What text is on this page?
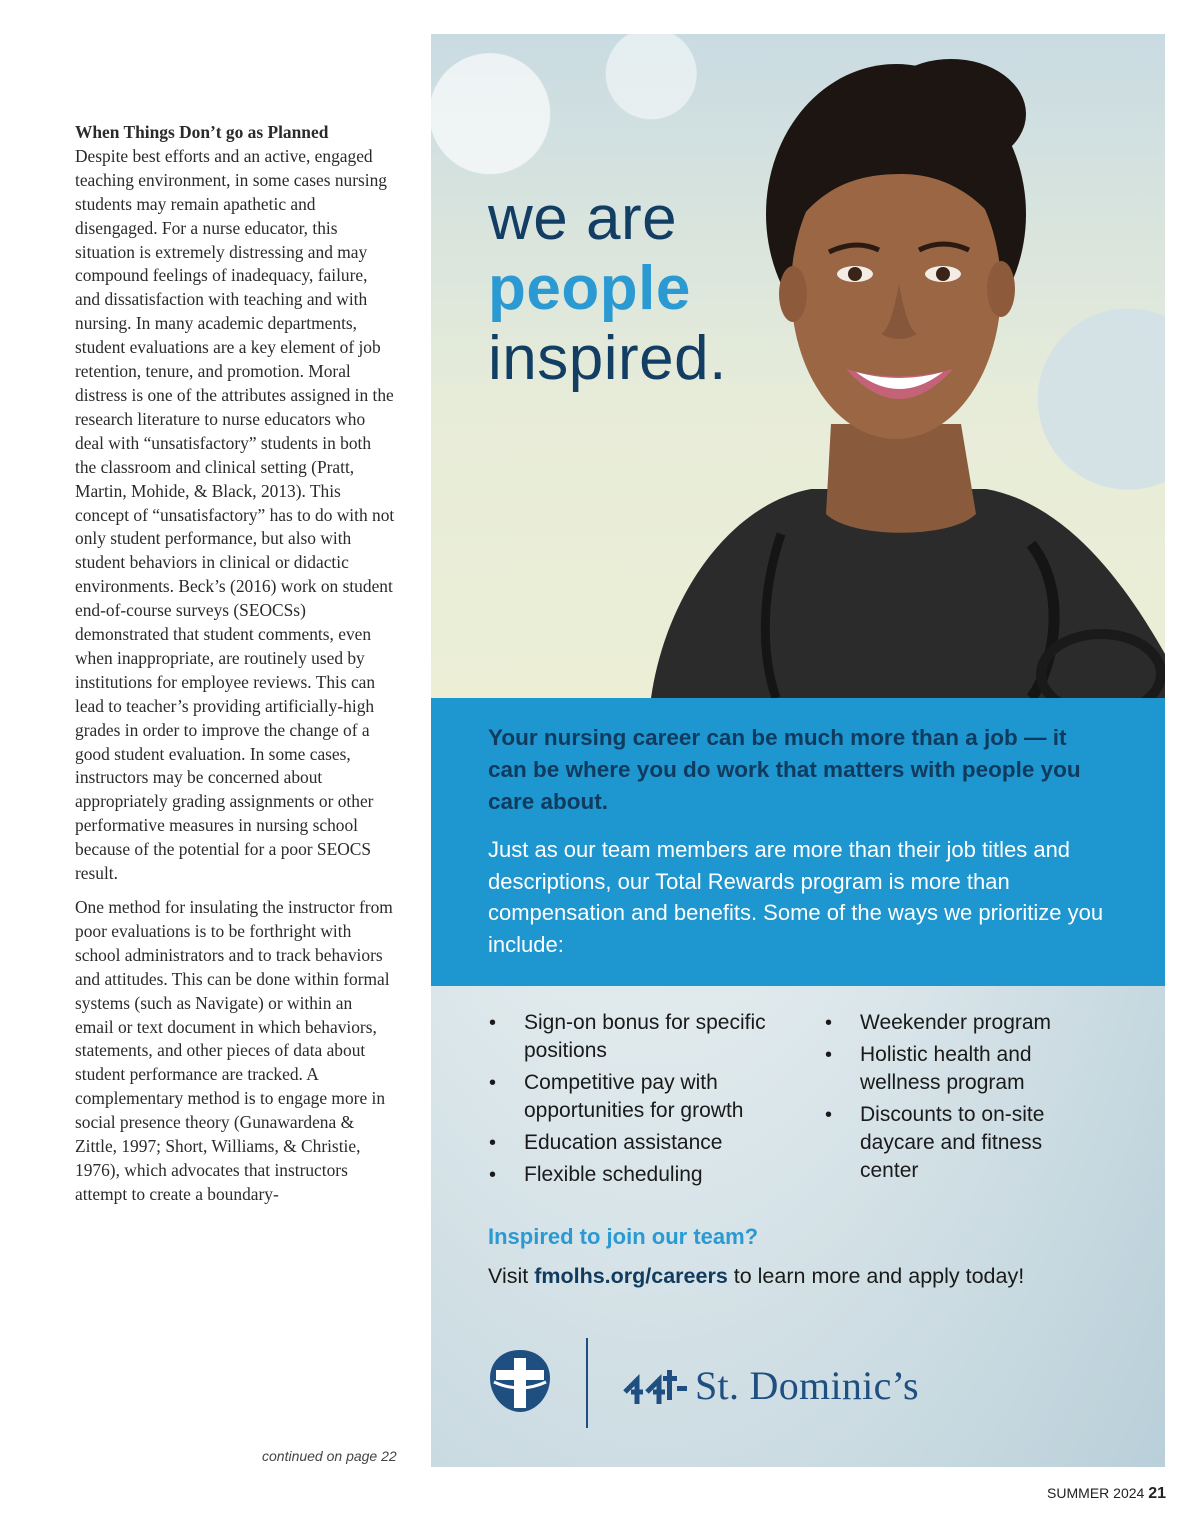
When Things Don’t go as Planned

Despite best efforts and an active, engaged teaching environment, in some cases nursing students may remain apathetic and disengaged. For a nurse educator, this situation is extremely distressing and may compound feelings of inadequacy, failure, and dissatisfaction with teaching and with nursing. In many academic departments, student evaluations are a key element of job retention, tenure, and promotion. Moral distress is one of the attributes assigned in the research literature to nurse educators who deal with “unsatisfactory” students in both the classroom and clinical setting (Pratt, Martin, Mohide, & Black, 2013). This concept of “unsatisfactory” has to do with not only student performance, but also with student behaviors in clinical or didactic environments. Beck’s (2016) work on student end-of-course surveys (SEOCSs) demonstrated that student comments, even when inappropriate, are routinely used by institutions for employee reviews. This can lead to teacher’s providing artificially-high grades in order to improve the change of a good student evaluation. In some cases, instructors may be concerned about appropriately grading assignments or other performative measures in nursing school because of the potential for a poor SEOCS result.

One method for insulating the instructor from poor evaluations is to be forthright with school administrators and to track behaviors and attitudes. This can be done within formal systems (such as Navigate) or within an email or text document in which behaviors, statements, and other pieces of data about student performance are tracked. A complementary method is to engage more in social presence theory (Gunawardena & Zittle, 1997; Short, Williams, & Christie, 1976), which advocates that instructors attempt to create a boundary-

continued on page 22
SUMMER 2024 21
we are
people
inspired.
Your nursing career can be much more than a job — it can be where you do work that matters with people you care about.
Just as our team members are more than their job titles and descriptions, our Total Rewards program is more than compensation and benefits. Some of the ways we prioritize you include:
• Sign-on bonus for specific positions
• Competitive pay with opportunities for growth
• Education assistance
• Flexible scheduling
• Weekender program
• Holistic health and wellness program
• Discounts to on-site daycare and fitness center
Inspired to join our team?
Visit fmolhs.org/careers to learn more and apply today!
St. Dominic’s
